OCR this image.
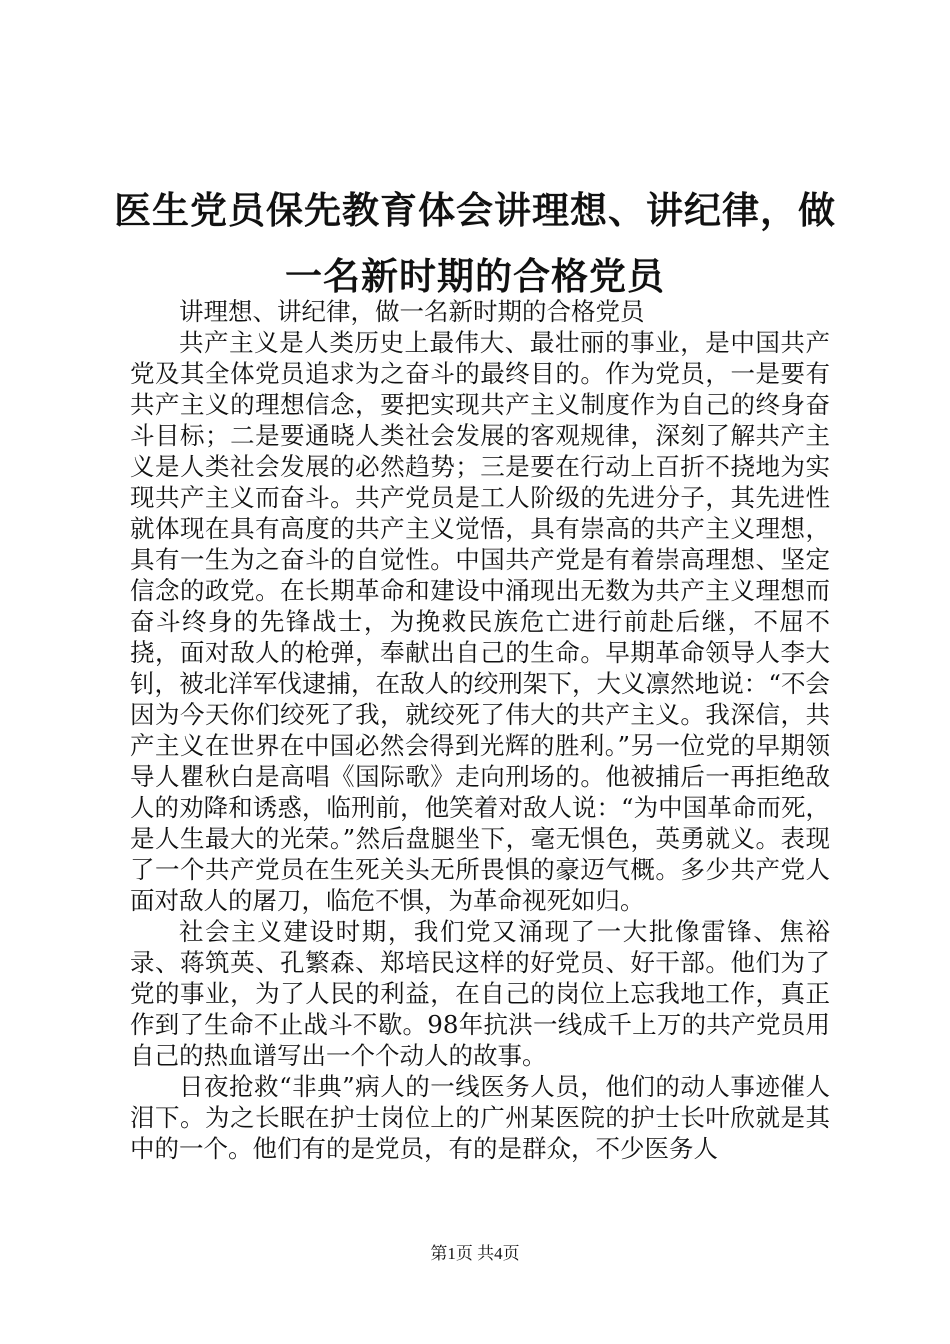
医生党员保先教育体会讲理想、讲纪律，做一名新时期的合格党员

讲理想、讲纪律，做一名新时期的合格党员

共产主义是人类历史上最伟大、最壮丽的事业，是中国共产党及其全体党员追求为之奋斗的最终目的。作为党员，一是要有共产主义的理想信念，要把实现共产主义制度作为自己的终身奋斗目标；二是要通晓人类社会发展的客观规律，深刻了解共产主义是人类社会发展的必然趋势；三是要在行动上百折不挠地为实现共产主义而奋斗。共产党员是工人阶级的先进分子，其先进性就体现在具有高度的共产主义觉悟，具有崇高的共产主义理想，具有一生为之奋斗的自觉性。中国共产党是有着崇高理想、坚定信念的政党。在长期革命和建设中涌现出无数为共产主义理想而奋斗终身的先锋战士，为挽救民族危亡进行前赴后继，不屈不挠，面对敌人的枪弹，奉献出自己的生命。早期革命领导人李大钊，被北洋军伐逮捕，在敌人的绞刑架下，大义凛然地说：“不会因为今天你们绞死了我，就绞死了伟大的共产主义。我深信，共产主义在世界在中国必然会得到光辉的胜利。”另一位党的早期领导人瞿秋白是高唱《国际歌》走向刑场的。他被捕后一再拒绝敌人的劝降和诱惑，临刑前，他笑着对敌人说：“为中国革命而死，是人生最大的光荣。”然后盘腿坐下，毫无惧色，英勇就义。表现了一个共产党员在生死关头无所畏惧的豪迈气概。多少共产党人面对敌人的屠刀，临危不惧，为革命视死如归。

社会主义建设时期，我们党又涌现了一大批像雷锋、焦裕录、蒋筑英、孔繁森、郑培民这样的好党员、好干部。他们为了党的事业，为了人民的利益，在自己的岗位上忘我地工作，真正作到了生命不止战斗不歇。98年抗洪一线成千上万的共产党员用自己的热血谱写出一个个动人的故事。

日夜抢救“非典”病人的一线医务人员，他们的动人事迹催人泪下。为之长眠在护士岗位上的广州某医院的护士长叶欣就是其中的一个。他们有的是党员，有的是群众，不少医务人

第1页 共4页
